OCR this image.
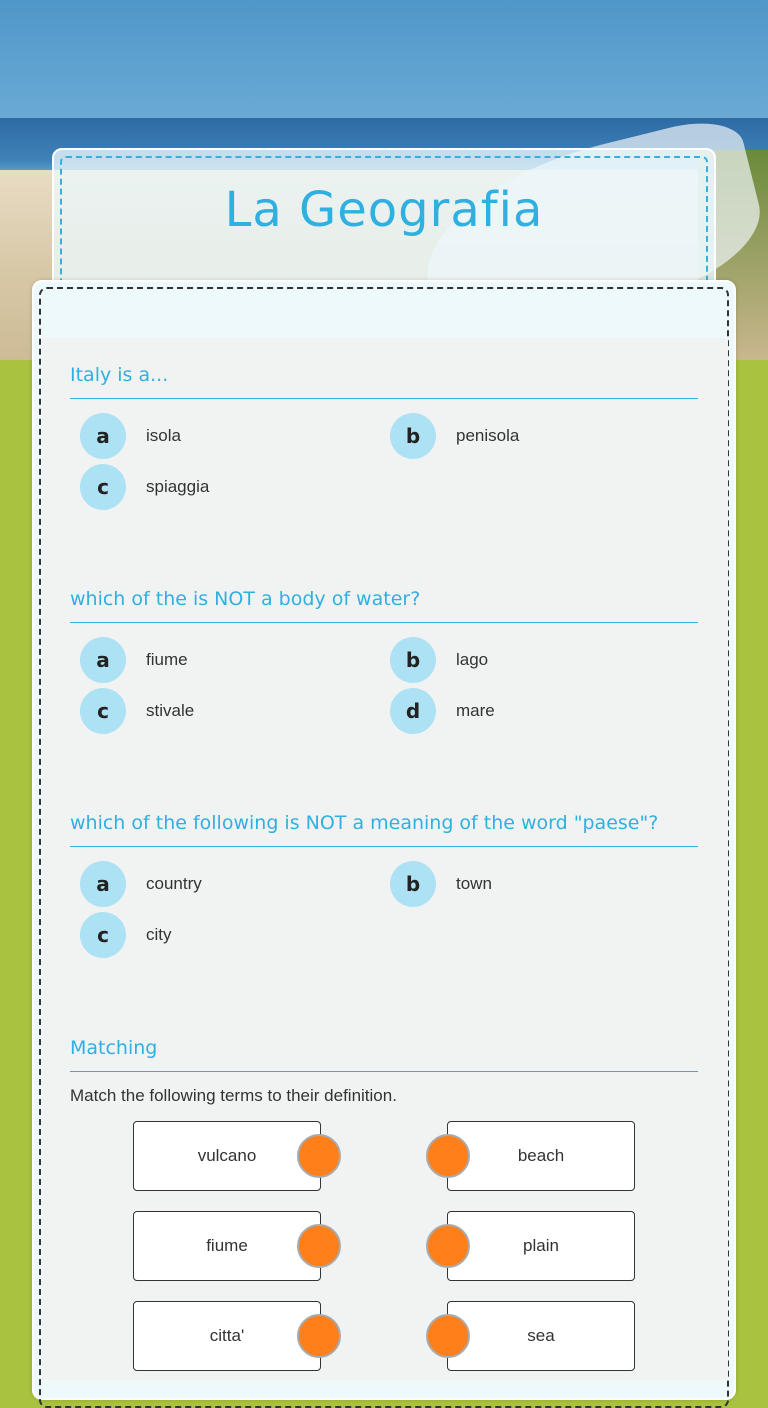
La Geografia
Italy is a...
a	isola	b	penisola
c	spiaggia
which of the is NOT a body of water?
a	fiume	b	lago
c	stivale	d	mare
which of the following is NOT a meaning of the word "paese"?
a	country	b	town
c	city
Matching
Match the following terms to their definition.
vulcano	beach
fiume	plain
citta'	sea
